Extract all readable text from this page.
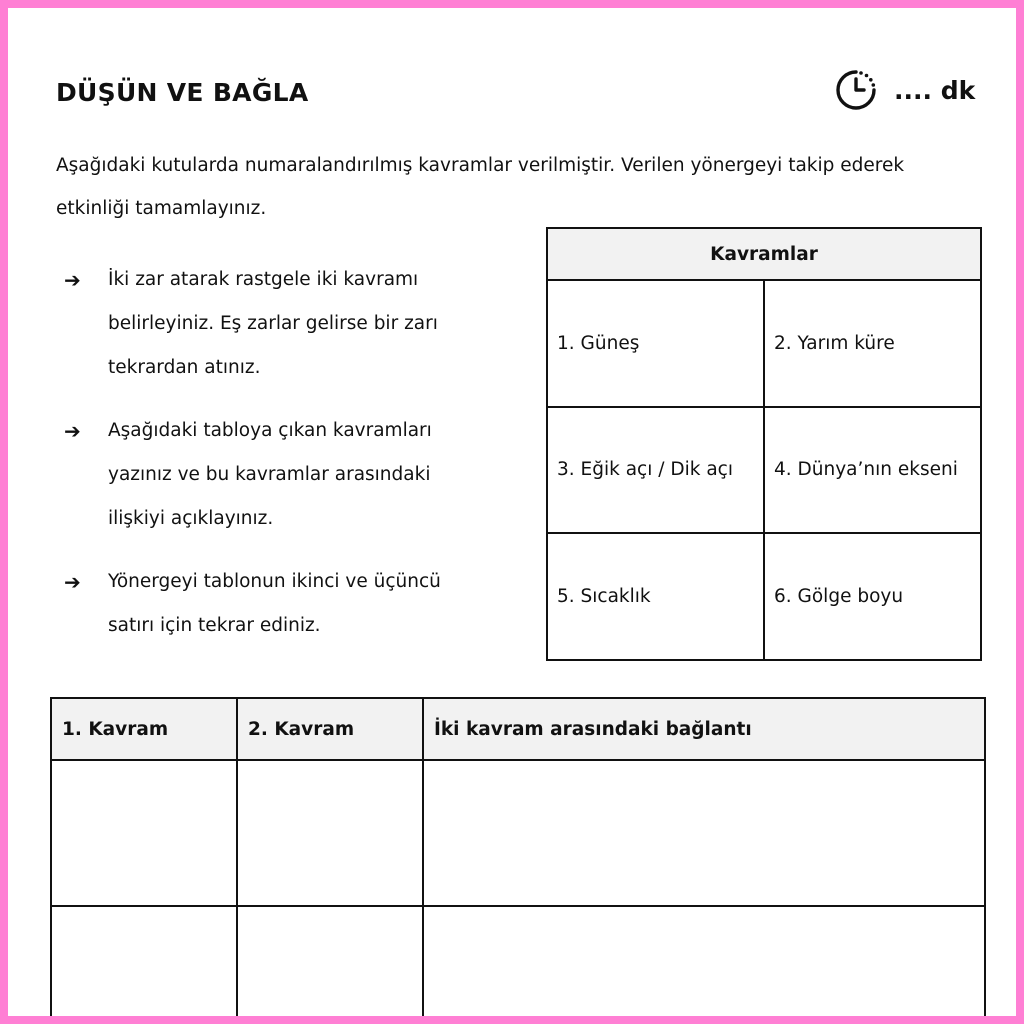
DÜŞÜN VE BAĞLA	.... dk

Aşağıdaki kutularda numaralandırılmış kavramlar verilmiştir. Verilen yönergeyi takip ederek etkinliği tamamlayınız.

➔	İki zar atarak rastgele iki kavramı belirleyiniz. Eş zarlar gelirse bir zarı tekrardan atınız.
➔	Aşağıdaki tabloya çıkan kavramları yazınız ve bu kavramlar arasındaki ilişkiyi açıklayınız.
➔	Yönergeyi tablonun ikinci ve üçüncü satırı için tekrar ediniz.
Kavramlar	
1. Güneş	2. Yarım küre
3. Eğik açı / Dik açı	4. Dünya’nın ekseni
5. Sıcaklık	6. Gölge boyu
1. Kavram	2. Kavram	İki kavram arasındaki bağlantı
